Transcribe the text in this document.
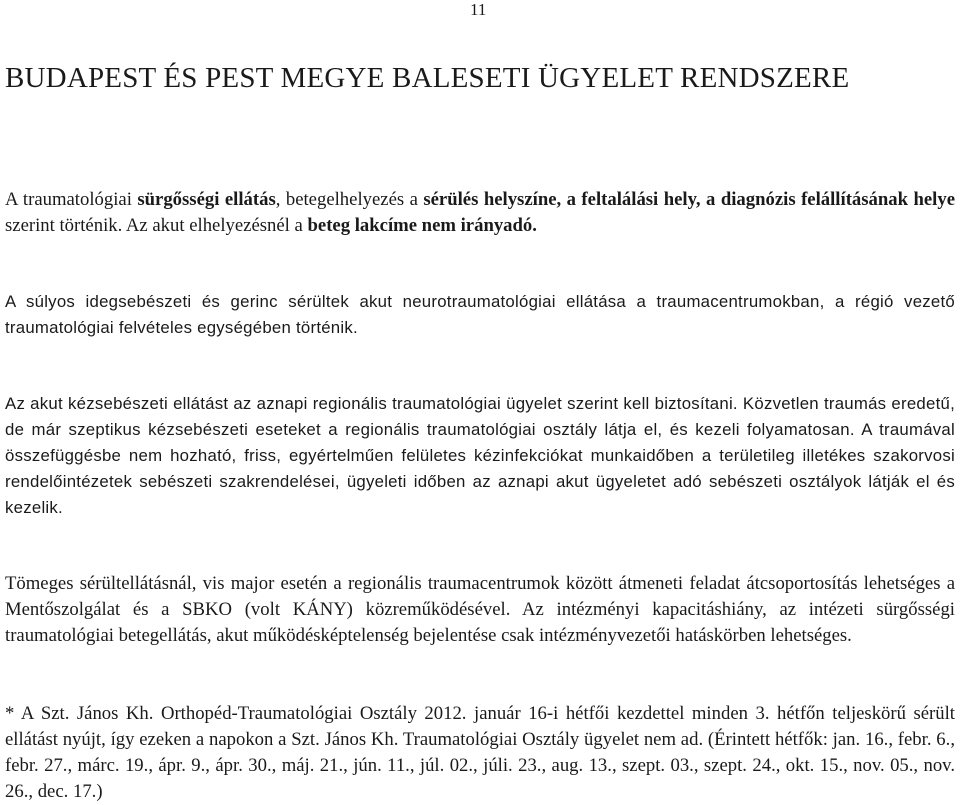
11
BUDAPEST ÉS PEST MEGYE BALESETI ÜGYELET RENDSZERE

A traumatológiai sürgősségi ellátás, betegelhelyezés a sérülés helyszíne, a feltalálási hely, a diagnózis felállításának helye szerint történik. Az akut elhelyezésnél a beteg lakcíme nem irányadó.

A súlyos idegsebészeti és gerinc sérültek akut neurotraumatológiai ellátása a traumacentrumokban, a régió vezető traumatológiai felvételes egységében történik.

Az akut kézsebészeti ellátást az aznapi regionális traumatológiai ügyelet szerint kell biztosítani. Közvetlen traumás eredetű, de már szeptikus kézsebészeti eseteket a regionális traumatológiai osztály látja el, és kezeli folyamatosan. A traumával összefüggésbe nem hozható, friss, egyértelműen felületes kézinfekciókat munkaidőben a területileg illetékes szakorvosi rendelőintézetek sebészeti szakrendelései, ügyeleti időben az aznapi akut ügyeletet adó sebészeti osztályok látják el és kezelik.

Tömeges sérültellátásnál, vis major esetén a regionális traumacentrumok között átmeneti feladat átcsoportosítás lehetséges a Mentőszolgálat és a SBKO (volt KÁNY) közreműködésével. Az intézményi kapacitáshiány, az intézeti sürgősségi traumatológiai betegellátás, akut működésképtelenség bejelentése csak intézményvezetői hatáskörben lehetséges.

* A Szt. János Kh. Orthopéd-Traumatológiai Osztály 2012. január 16-i hétfői kezdettel minden 3. hétfőn teljeskörű sérült ellátást nyújt, így ezeken a napokon a Szt. János Kh. Traumatológiai Osztály ügyelet nem ad. (Érintett hétfők: jan. 16., febr. 6., febr. 27., márc. 19., ápr. 9., ápr. 30., máj. 21., jún. 11., júl. 02., júli. 23., aug. 13., szept. 03., szept. 24., okt. 15., nov. 05., nov. 26., dec. 17.)
